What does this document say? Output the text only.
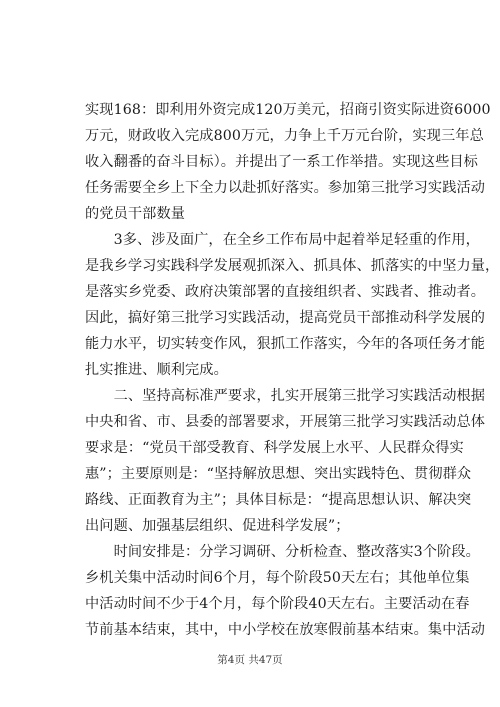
实现168：即利用外资完成120万美元，招商引资实际进资6000
万元，财政收入完成800万元，力争上千万元台阶，实现三年总
收入翻番的奋斗目标）。并提出了一系工作举措。实现这些目标
任务需要全乡上下全力以赴抓好落实。参加第三批学习实践活动
的党员干部数量
　　3多、涉及面广，在全乡工作布局中起着举足轻重的作用，
是我乡学习实践科学发展观抓深入、抓具体、抓落实的中坚力量，
是落实乡党委、政府决策部署的直接组织者、实践者、推动者。
因此，搞好第三批学习实践活动，提高党员干部推动科学发展的
能力水平，切实转变作风，狠抓工作落实，今年的各项任务才能
扎实推进、顺利完成。
　　二、坚持高标准严要求，扎实开展第三批学习实践活动根据
中央和省、市、县委的部署要求，开展第三批学习实践活动总体
要求是：“党员干部受教育、科学发展上水平、人民群众得实
惠”；主要原则是：“坚持解放思想、突出实践特色、贯彻群众
路线、正面教育为主”；具体目标是：“提高思想认识、解决突
出问题、加强基层组织、促进科学发展”；
　　时间安排是：分学习调研、分析检查、整改落实3个阶段。
乡机关集中活动时间6个月，每个阶段50天左右；其他单位集
中活动时间不少于4个月，每个阶段40天左右。主要活动在春
节前基本结束，其中，中小学校在放寒假前基本结束。集中活动
第4页 共47页
